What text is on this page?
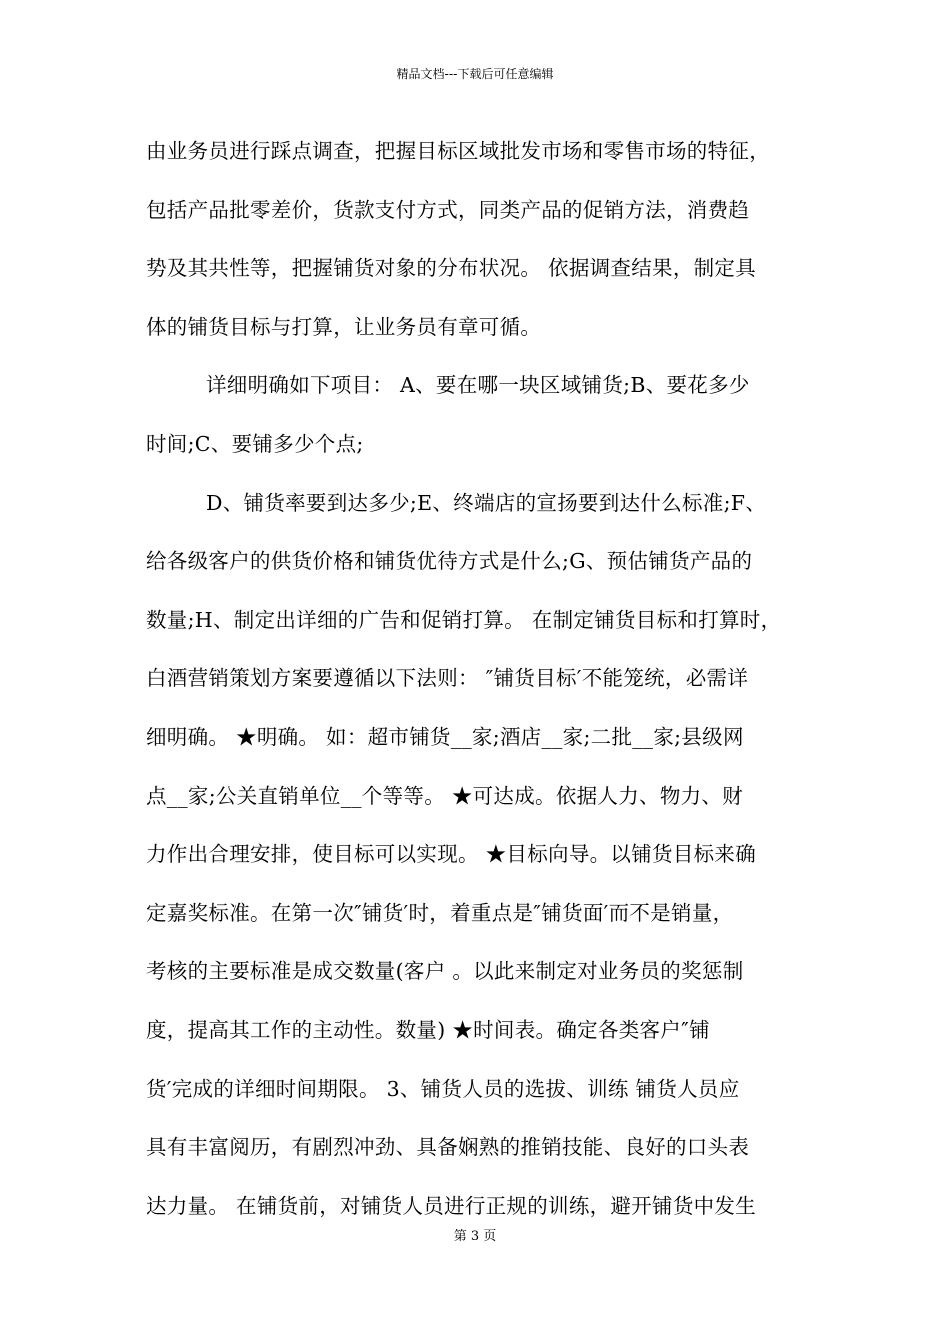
精品文档---下载后可任意编辑
由业务员进行踩点调查，把握目标区域批发市场和零售市场的特征，
包括产品批零差价，货款支付方式，同类产品的促销方法，消费趋
势及其共性等，把握铺货对象的分布状况。 依据调查结果，制定具
体的铺货目标与打算，让业务员有章可循。
详细明确如下项目： A、要在哪一块区域铺货;B、要花多少
时间;C、要铺多少个点;
D、铺货率要到达多少;E、终端店的宣扬要到达什么标准;F、
给各级客户的供货价格和铺货优待方式是什么;G、预估铺货产品的
数量;H、制定出详细的广告和促销打算。 在制定铺货目标和打算时，
白酒营销策划方案要遵循以下法则： ″铺货目标′不能笼统，必需详
细明确。 ★明确。 如：超市铺货__家;酒店__家;二批__家;县级网
点__家;公关直销单位__个等等。 ★可达成。依据人力、物力、财
力作出合理安排，使目标可以实现。 ★目标向导。以铺货目标来确
定嘉奖标准。在第一次″铺货′时，着重点是″铺货面′而不是销量，
考核的主要标准是成交数量(客户 。以此来制定对业务员的奖惩制
度，提高其工作的主动性。数量) ★时间表。确定各类客户″铺
货′完成的详细时间期限。 3、铺货人员的选拔、训练 铺货人员应
具有丰富阅历，有剧烈冲劲、具备娴熟的推销技能、良好的口头表
达力量。 在铺货前，对铺货人员进行正规的训练，避开铺货中发生
第 3 页
